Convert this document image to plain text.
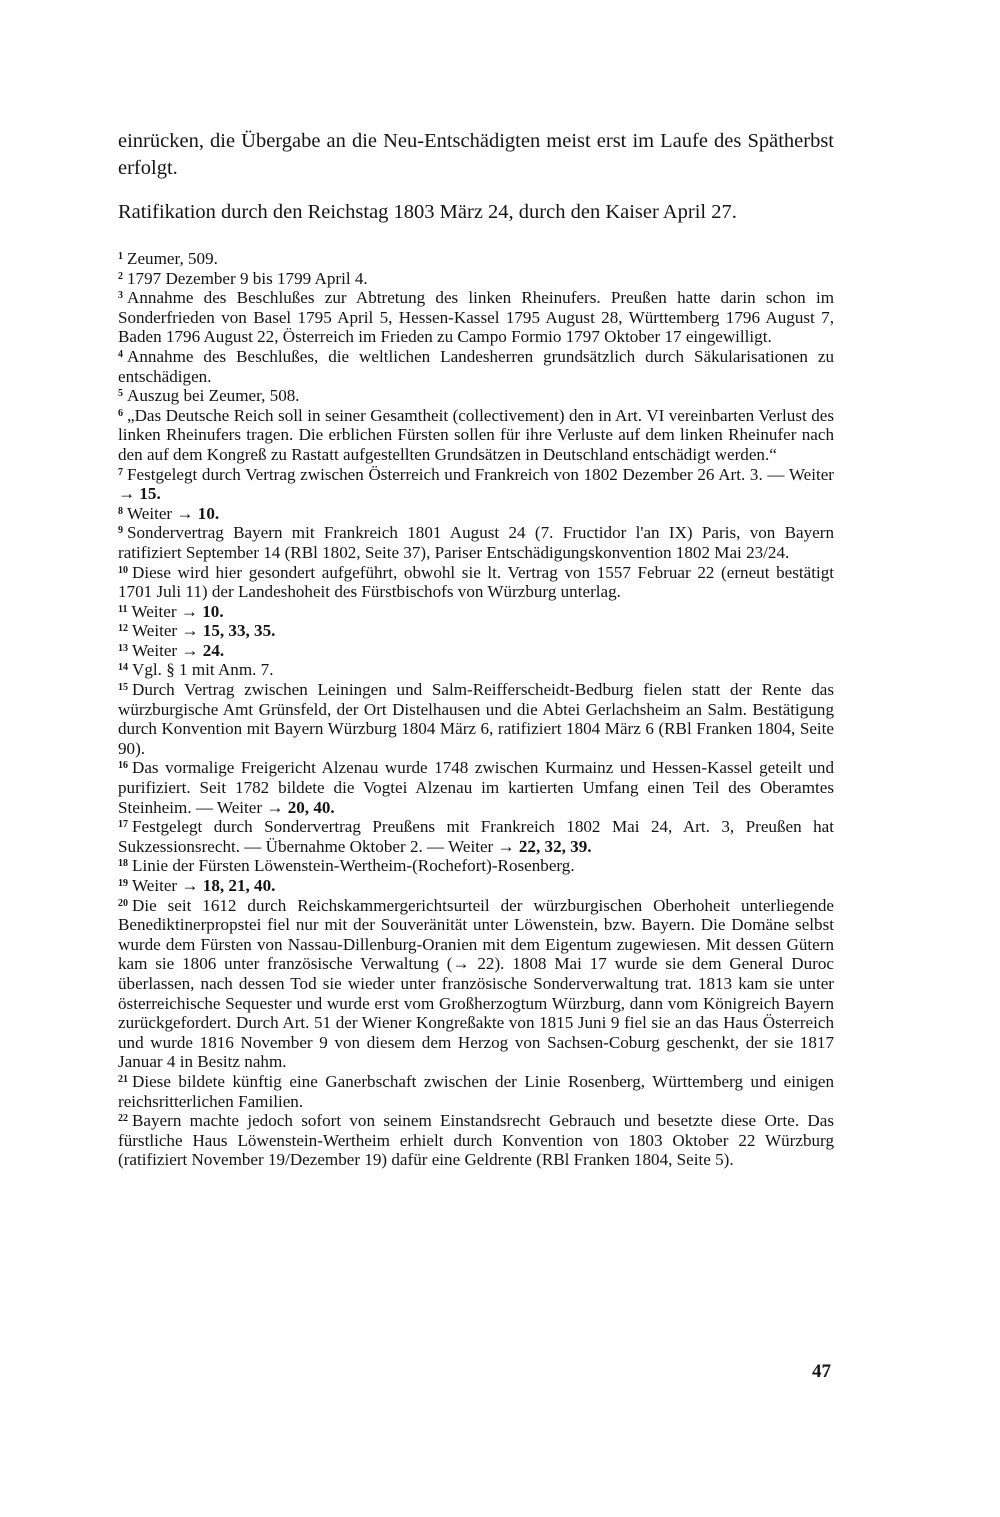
einrücken, die Übergabe an die Neu-Entschädigten meist erst im Laufe des Spätherbst erfolgt.

Ratifikation durch den Reichstag 1803 März 24, durch den Kaiser April 27.

$^1$ Zeumer, 509.

$^2$ 1797 Dezember 9 bis 1799 April 4.

$^3$ Annahme des Beschlußes zur Abtretung des linken Rheinufers. Preußen hatte darin schon im Sonderfrieden von Basel 1795 April 5, Hessen-Kassel 1795 August 28, Württemberg 1796 August 7, Baden 1796 August 22, Österreich im Frieden zu Campo Formio 1797 Oktober 17 eingewilligt.

$^4$ Annahme des Beschlußes, die weltlichen Landesherren grundsätzlich durch Säkularisationen zu entschädigen.

$^5$ Auszug bei Zeumer, 508.

$^6$ „Das Deutsche Reich soll in seiner Gesamtheit (collectivement) den in Art. VI vereinbarten Verlust des linken Rheinufers tragen. Die erblichen Fürsten sollen für ihre Verluste auf dem linken Rheinufer nach den auf dem Kongreß zu Rastatt aufgestellten Grundsätzen in Deutschland entschädigt werden.“

$^7$ Festgelegt durch Vertrag zwischen Österreich und Frankreich von 1802 Dezember 26 Art. 3. — Weiter → 15.

$^8$ Weiter → 10.

$^9$ Sondervertrag Bayern mit Frankreich 1801 August 24 (7. Fructidor l'an IX) Paris, von Bayern ratifiziert September 14 (RBl 1802, Seite 37), Pariser Entschädigungskonvention 1802 Mai 23/24.

$^{10}$ Diese wird hier gesondert aufgeführt, obwohl sie lt. Vertrag von 1557 Februar 22 (erneut bestätigt 1701 Juli 11) der Landeshoheit des Fürstbischofs von Würzburg unterlag.

$^{11}$ Weiter → 10.

$^{12}$ Weiter → 15, 33, 35.

$^{13}$ Weiter → 24.

$^{14}$ Vgl. § 1 mit Anm. 7.

$^{15}$ Durch Vertrag zwischen Leiningen und Salm-Reifferscheidt-Bedburg fielen statt der Rente das würzburgische Amt Grünsfeld, der Ort Distelhausen und die Abtei Gerlachsheim an Salm. Bestätigung durch Konvention mit Bayern Würzburg 1804 März 6, ratifiziert 1804 März 6 (RBl Franken 1804, Seite 90).

$^{16}$ Das vormalige Freigericht Alzenau wurde 1748 zwischen Kurmainz und Hessen-Kassel geteilt und purifiziert. Seit 1782 bildete die Vogtei Alzenau im kartierten Umfang einen Teil des Oberamtes Steinheim. — Weiter → 20, 40.

$^{17}$ Festgelegt durch Sondervertrag Preußens mit Frankreich 1802 Mai 24, Art. 3, Preußen hat Sukzessionsrecht. — Übernahme Oktober 2. — Weiter → 22, 32, 39.

$^{18}$ Linie der Fürsten Löwenstein-Wertheim-(Rochefort)-Rosenberg.

$^{19}$ Weiter → 18, 21, 40.

$^{20}$ Die seit 1612 durch Reichskammergerichtsurteil der würzburgischen Oberhoheit unterliegende Benediktinerpropstei fiel nur mit der Souveränität unter Löwenstein, bzw. Bayern. Die Domäne selbst wurde dem Fürsten von Nassau-Dillenburg-Oranien mit dem Eigentum zugewiesen. Mit dessen Gütern kam sie 1806 unter französische Verwaltung (→ 22). 1808 Mai 17 wurde sie dem General Duroc überlassen, nach dessen Tod sie wieder unter französische Sonderverwaltung trat. 1813 kam sie unter österreichische Sequester und wurde erst vom Großherzogtum Würzburg, dann vom Königreich Bayern zurückgefordert. Durch Art. 51 der Wiener Kongreßakte von 1815 Juni 9 fiel sie an das Haus Österreich und wurde 1816 November 9 von diesem dem Herzog von Sachsen-Coburg geschenkt, der sie 1817 Januar 4 in Besitz nahm.

$^{21}$ Diese bildete künftig eine Ganerbschaft zwischen der Linie Rosenberg, Württemberg und einigen reichsritterlichen Familien.

$^{22}$ Bayern machte jedoch sofort von seinem Einstandsrecht Gebrauch und besetzte diese Orte. Das fürstliche Haus Löwenstein-Wertheim erhielt durch Konvention von 1803 Oktober 22 Würzburg (ratifiziert November 19/Dezember 19) dafür eine Geldrente (RBl Franken 1804, Seite 5).

47
